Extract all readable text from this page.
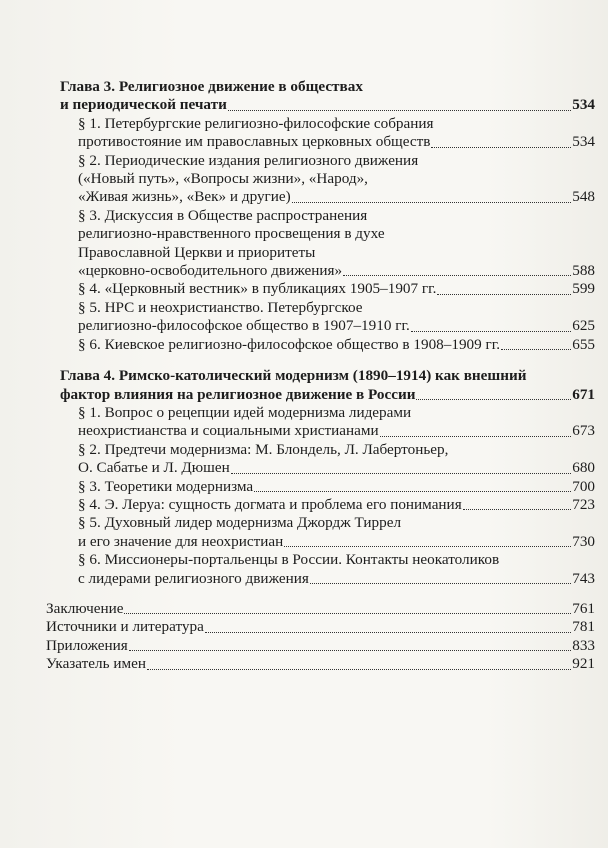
Глава 3. Религиозное движение в обществах
и периодической печати	534
§ 1. Петербургские религиозно-философские собрания
противостояние им православных церковных обществ	534
§ 2. Периодические издания религиозного движения
(«Новый путь», «Вопросы жизни», «Народ»,
«Живая жизнь», «Век» и другие)	548
§ 3. Дискуссия в Обществе распространения
религиозно-нравственного просвещения в духе
Православной Церкви и приоритеты
«церковно-освободительного движения»	588
§ 4. «Церковный вестник» в публикациях 1905–1907 гг.	599
§ 5. НРС и неохристианство. Петербургское
религиозно-философское общество в 1907–1910 гг.	625
§ 6. Киевское религиозно-философское общество в 1908–1909 гг.	655
Глава 4. Римско-католический модернизм (1890–1914) как внешний
фактор влияния на религиозное движение в России	671
§ 1. Вопрос о рецепции идей модернизма лидерами
неохристианства и социальными христианами	673
§ 2. Предтечи модернизма: М. Блондель, Л. Лабертоньер,
О. Сабатье и Л. Дюшен	680
§ 3. Теоретики модернизма	700
§ 4. Э. Леруа: сущность догмата и проблема его понимания	723
§ 5. Духовный лидер модернизма Джордж Тиррел
и его значение для неохристиан	730
§ 6. Миссионеры-портальенцы в России. Контакты неокатоликов
с лидерами религиозного движения	743
Заключение	761
Источники и литература	781
Приложения	833
Указатель имен	921
